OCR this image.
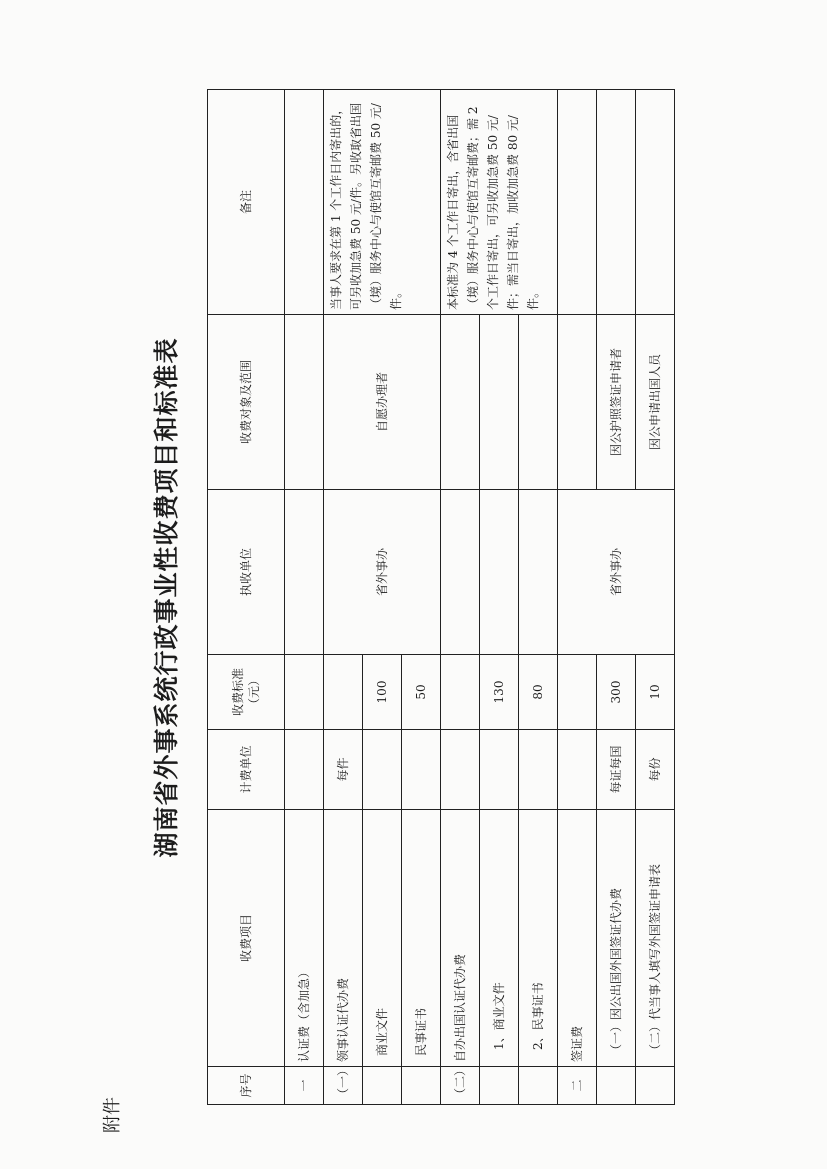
附件
湖南省外事系统行政事业性收费项目和标准表
序号	收费项目	计费单位	收费标准（元）	执收单位	收费对象及范围	备注
一	认证费（含加急）					
（一）	领事认证代办费	每件		省外事办	自愿办理者	当事人要求在第 1 个工作日内寄出的，可另收加急费 50 元/件。另收取省出国（境）服务中心与使馆互寄邮费 50 元/件。
	商业文件		100			
	民事证书		50			
（二）	自办出国认证代办费					本标准为 4 个工作日寄出，含省出国（境）服务中心与使馆互寄邮费；需 2 个工作日寄出，可另收加急费 50 元/件；需当日寄出，加收加急费 80 元/件。
	1、商业文件		130			
	2、民事证书		80			
二	签证费			省外事办		
	（一）因公出国外国签证代办费	每证每国	300		因公护照签证申请者	
	（二）代当事人填写外国签证申请表	每份	10		因公申请出国人员	
